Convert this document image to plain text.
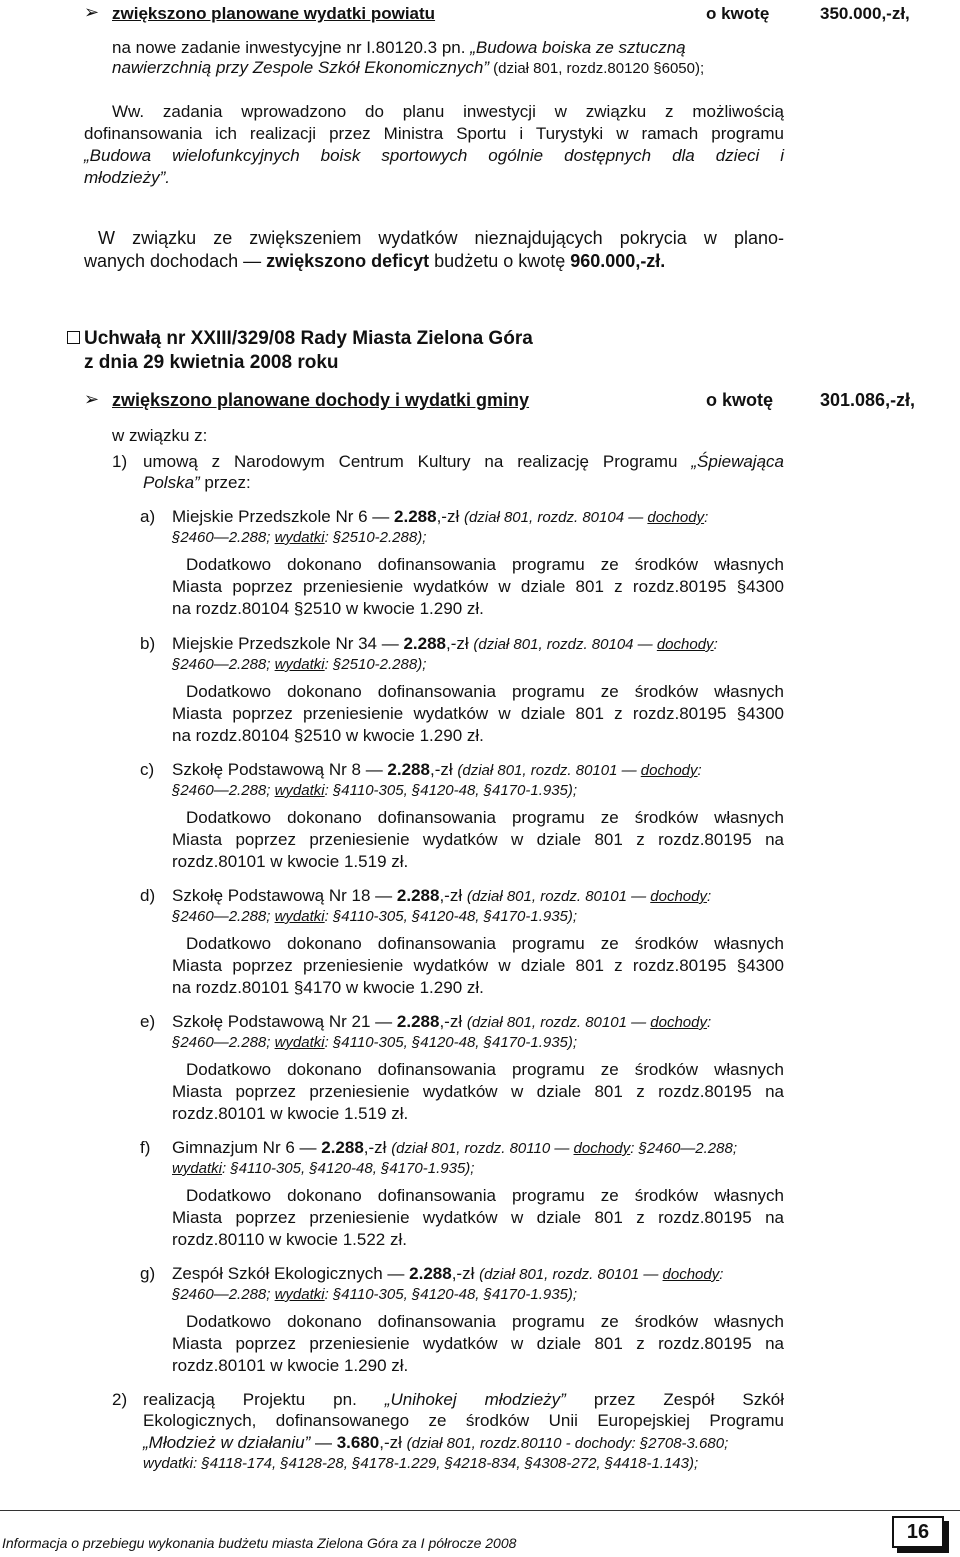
➢ zwiększono planowane wydatki powiatu	o kwotę	350.000,-zł,
na nowe zadanie inwestycyjne nr I.80120.3 pn. „Budowa boiska ze sztuczną
nawierzchnią przy Zespole Szkół Ekonomicznych” (dział 801, rozdz.80120 §6050);
Ww. zadania wprowadzono do planu inwestycji w związku z możliwością
dofinansowania ich realizacji przez Ministra Sportu i Turystyki w ramach programu
„Budowa wielofunkcyjnych boisk sportowych ogólnie dostępnych dla dzieci i
młodzieży”.
W związku ze zwiększeniem wydatków nieznajdujących pokrycia w plano-
wanych dochodach — zwiększono deficyt budżetu o kwotę 960.000,-zł.
Uchwałą nr XXIII/329/08 Rady Miasta Zielona Góra
z dnia 29 kwietnia 2008 roku
➢ zwiększono planowane dochody i wydatki gminy	o kwotę	301.086,-zł,
w związku z:
1) umową z Narodowym Centrum Kultury na realizację Programu „Śpiewająca
Polska” przez:
a) Miejskie Przedszkole Nr 6 — 2.288,-zł (dział 801, rozdz. 80104 — dochody:
§2460—2.288; wydatki: §2510-2.288);
Dodatkowo dokonano dofinansowania programu ze środków własnych
Miasta poprzez przeniesienie wydatków w dziale 801 z rozdz.80195 §4300
na rozdz.80104 §2510 w kwocie 1.290 zł.
b) Miejskie Przedszkole Nr 34 — 2.288,-zł (dział 801, rozdz. 80104 — dochody:
§2460—2.288; wydatki: §2510-2.288);
Dodatkowo dokonano dofinansowania programu ze środków własnych
Miasta poprzez przeniesienie wydatków w dziale 801 z rozdz.80195 §4300
na rozdz.80104 §2510 w kwocie 1.290 zł.
c) Szkołę Podstawową Nr 8 — 2.288,-zł (dział 801, rozdz. 80101 — dochody:
§2460—2.288; wydatki: §4110-305, §4120-48, §4170-1.935);
Dodatkowo dokonano dofinansowania programu ze środków własnych
Miasta poprzez przeniesienie wydatków w dziale 801 z rozdz.80195 na
rozdz.80101 w kwocie 1.519 zł.
d) Szkołę Podstawową Nr 18 — 2.288,-zł (dział 801, rozdz. 80101 — dochody:
§2460—2.288; wydatki: §4110-305, §4120-48, §4170-1.935);
Dodatkowo dokonano dofinansowania programu ze środków własnych
Miasta poprzez przeniesienie wydatków w dziale 801 z rozdz.80195 §4300
na rozdz.80101 §4170 w kwocie 1.290 zł.
e) Szkołę Podstawową Nr 21 — 2.288,-zł (dział 801, rozdz. 80101 — dochody:
§2460—2.288; wydatki: §4110-305, §4120-48, §4170-1.935);
Dodatkowo dokonano dofinansowania programu ze środków własnych
Miasta poprzez przeniesienie wydatków w dziale 801 z rozdz.80195 na
rozdz.80101 w kwocie 1.519 zł.
f) Gimnazjum Nr 6 — 2.288,-zł (dział 801, rozdz. 80110 — dochody: §2460—2.288;
wydatki: §4110-305, §4120-48, §4170-1.935);
Dodatkowo dokonano dofinansowania programu ze środków własnych
Miasta poprzez przeniesienie wydatków w dziale 801 z rozdz.80195 na
rozdz.80110 w kwocie 1.522 zł.
g) Zespół Szkół Ekologicznych — 2.288,-zł (dział 801, rozdz. 80101 — dochody:
§2460—2.288; wydatki: §4110-305, §4120-48, §4170-1.935);
Dodatkowo dokonano dofinansowania programu ze środków własnych
Miasta poprzez przeniesienie wydatków w dziale 801 z rozdz.80195 na
rozdz.80101 w kwocie 1.290 zł.
2) realizacją Projektu pn. „Unihokej młodzieży” przez Zespół Szkół
Ekologicznych, dofinansowanego ze środków Unii Europejskiej Programu
„Młodzież w działaniu” — 3.680,-zł (dział 801, rozdz.80110 - dochody: §2708-3.680;
wydatki: §4118-174, §4128-28, §4178-1.229, §4218-834, §4308-272, §4418-1.143);
Informacja o przebiegu wykonania budżetu miasta Zielona Góra za I półrocze 2008	16
